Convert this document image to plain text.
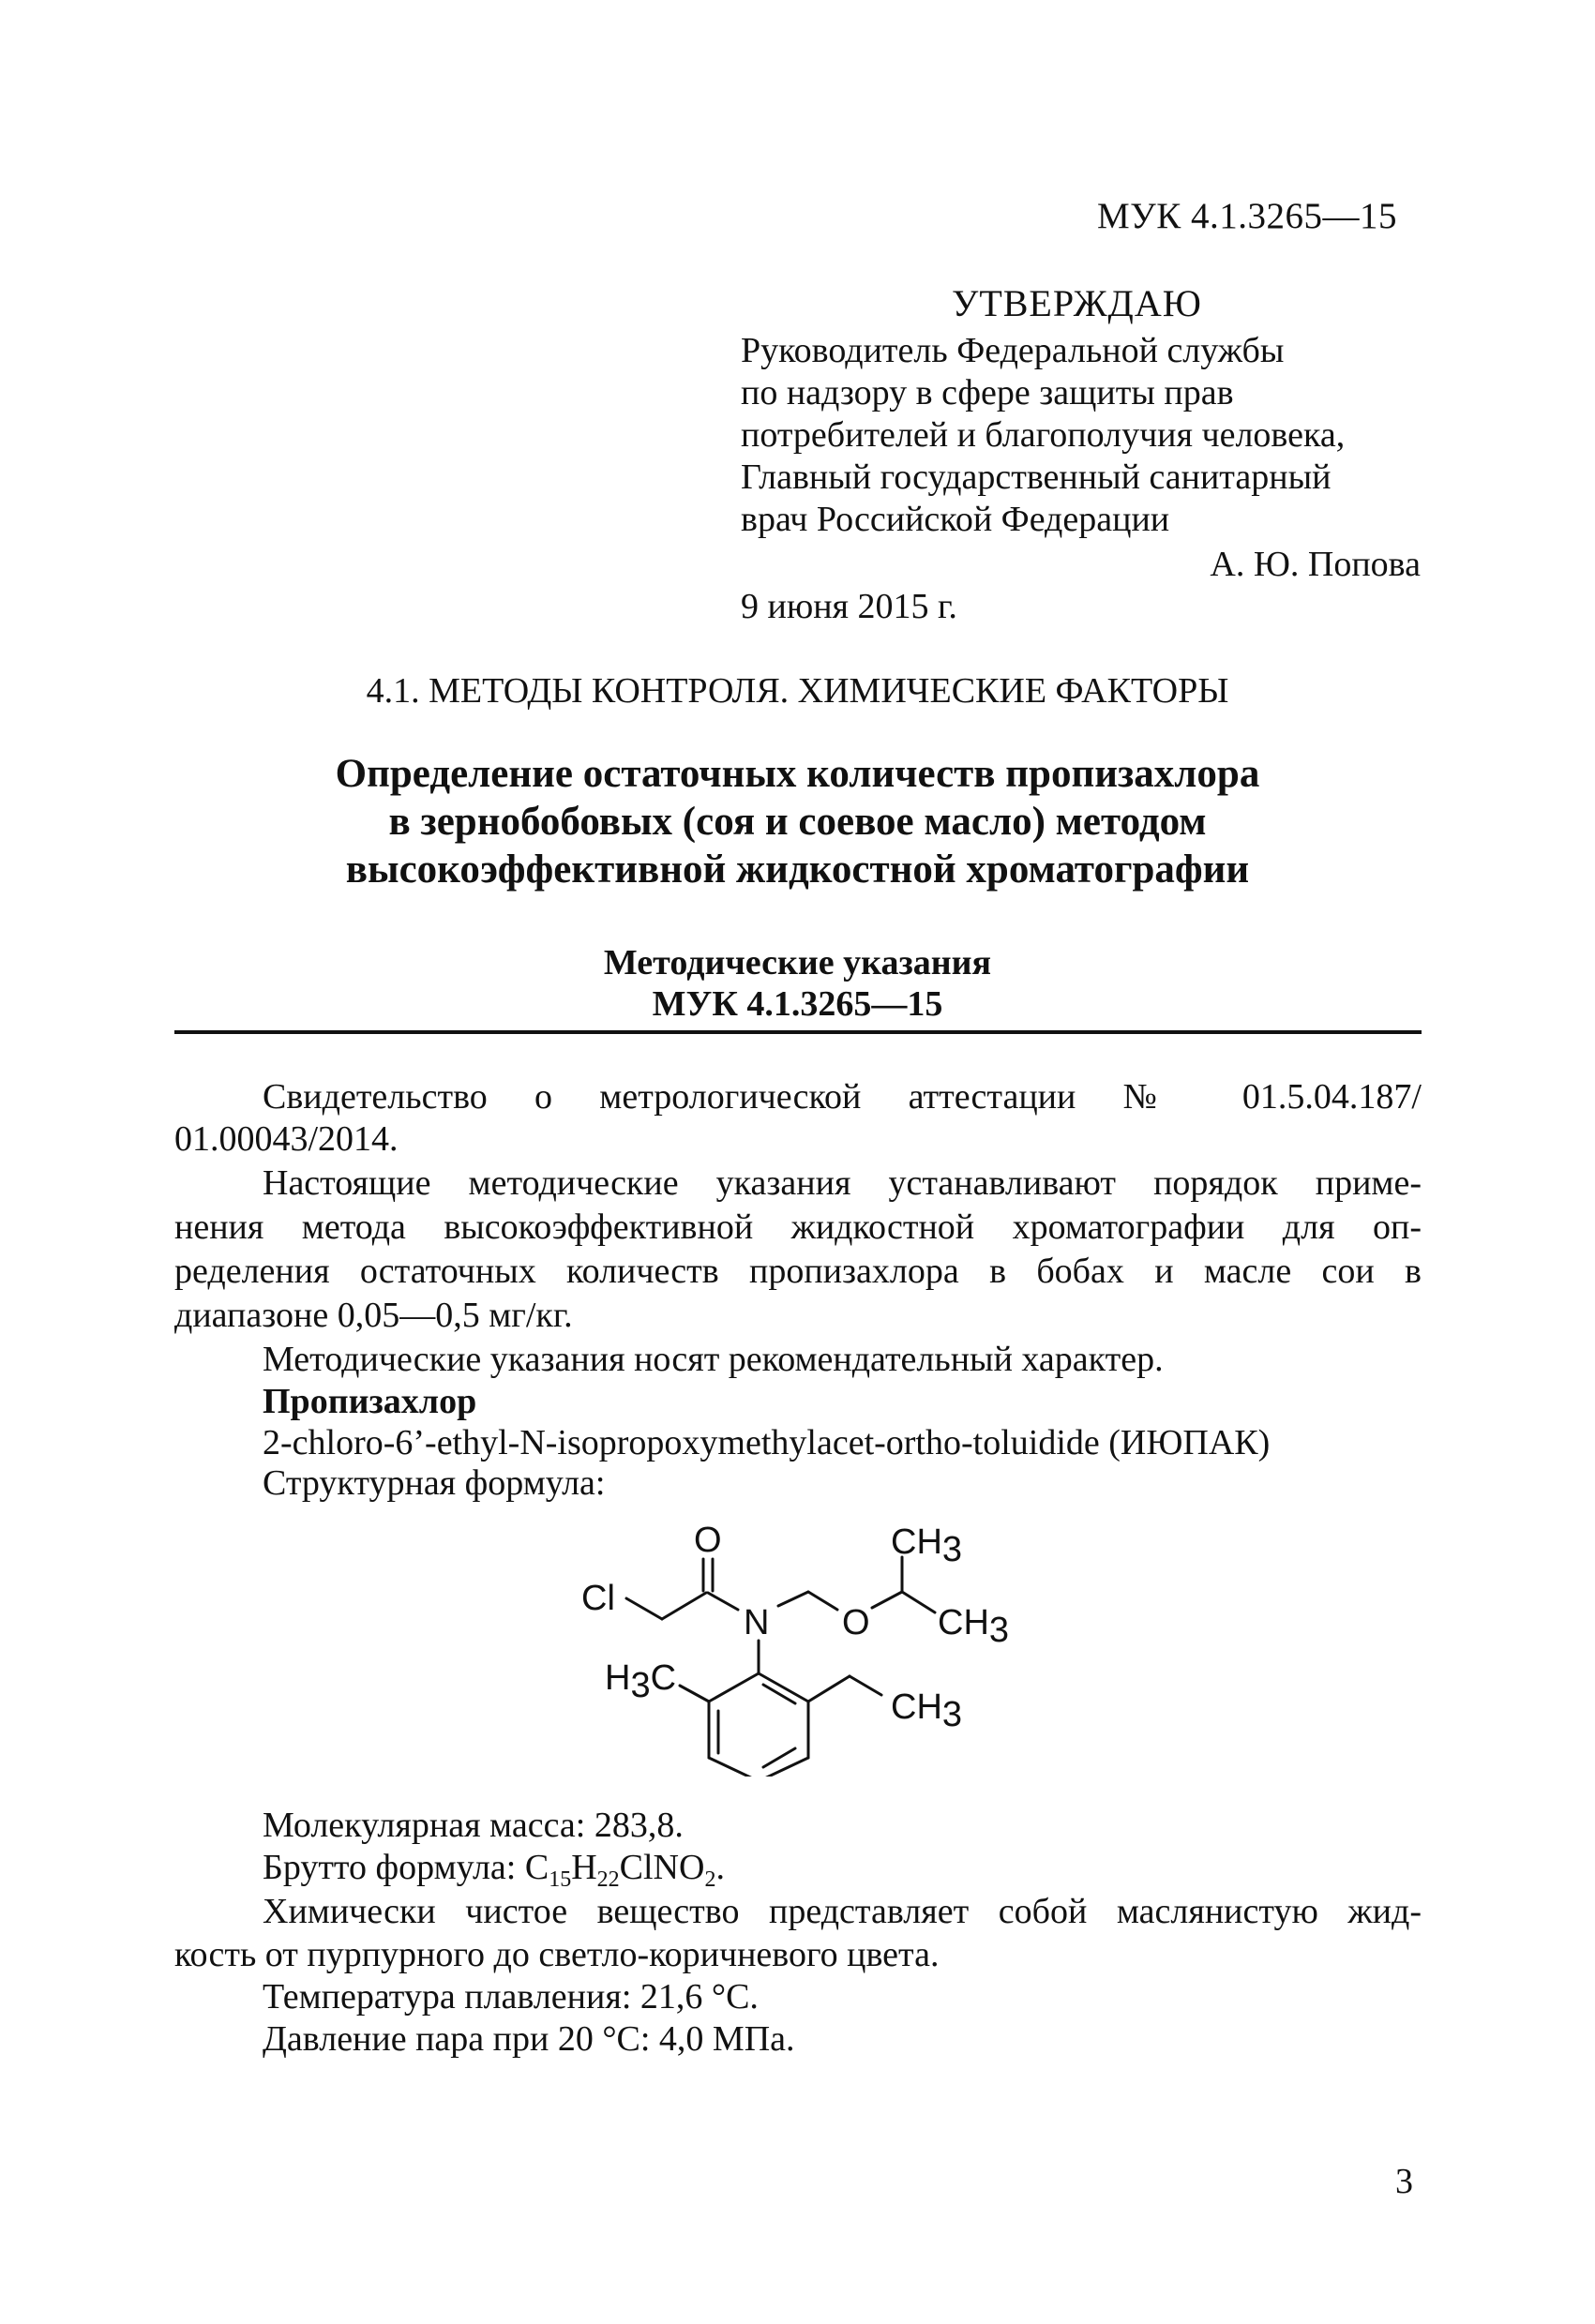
МУК 4.1.3265—15
УТВЕРЖДАЮ
Руководитель Федеральной службы
по надзору в сфере защиты прав
потребителей и благополучия человека,
Главный государственный санитарный
врач Российской Федерации
А. Ю. Попова
9 июня 2015 г.
4.1. МЕТОДЫ КОНТРОЛЯ. ХИМИЧЕСКИЕ ФАКТОРЫ
Определение остаточных количеств пропизахлора
в зернобобовых (соя и соевое масло) методом
высокоэффективной жидкостной хроматографии
Методические указания
МУК 4.1.3265—15
Свидетельство о метрологической аттестации № 01.5.04.187/
01.00043/2014.
Настоящие методические указания устанавливают порядок приме-
нения метода высокоэффективной жидкостной хроматографии для оп-
ределения остаточных количеств пропизахлора в бобах и масле сои в
диапазоне 0,05—0,5 мг/кг.
Методические указания носят рекомендательный характер.
Пропизахлор
2-chloro-6’-ethyl-N-isopropoxymethylacet-ortho-toluidide (ИЮПАК)
Структурная формула:
Cl
O
N O
CH3
CH3
H3C
CH3
Молекулярная масса: 283,8.
Брутто формула: $C_{15}H_{22}ClNO_2$.
Химически чистое вещество представляет собой маслянистую жид-
кость от пурпурного до светло-коричневого цвета.
Температура плавления: 21,6 °C.
Давление пара при 20 °C: 4,0 МПа.
3
